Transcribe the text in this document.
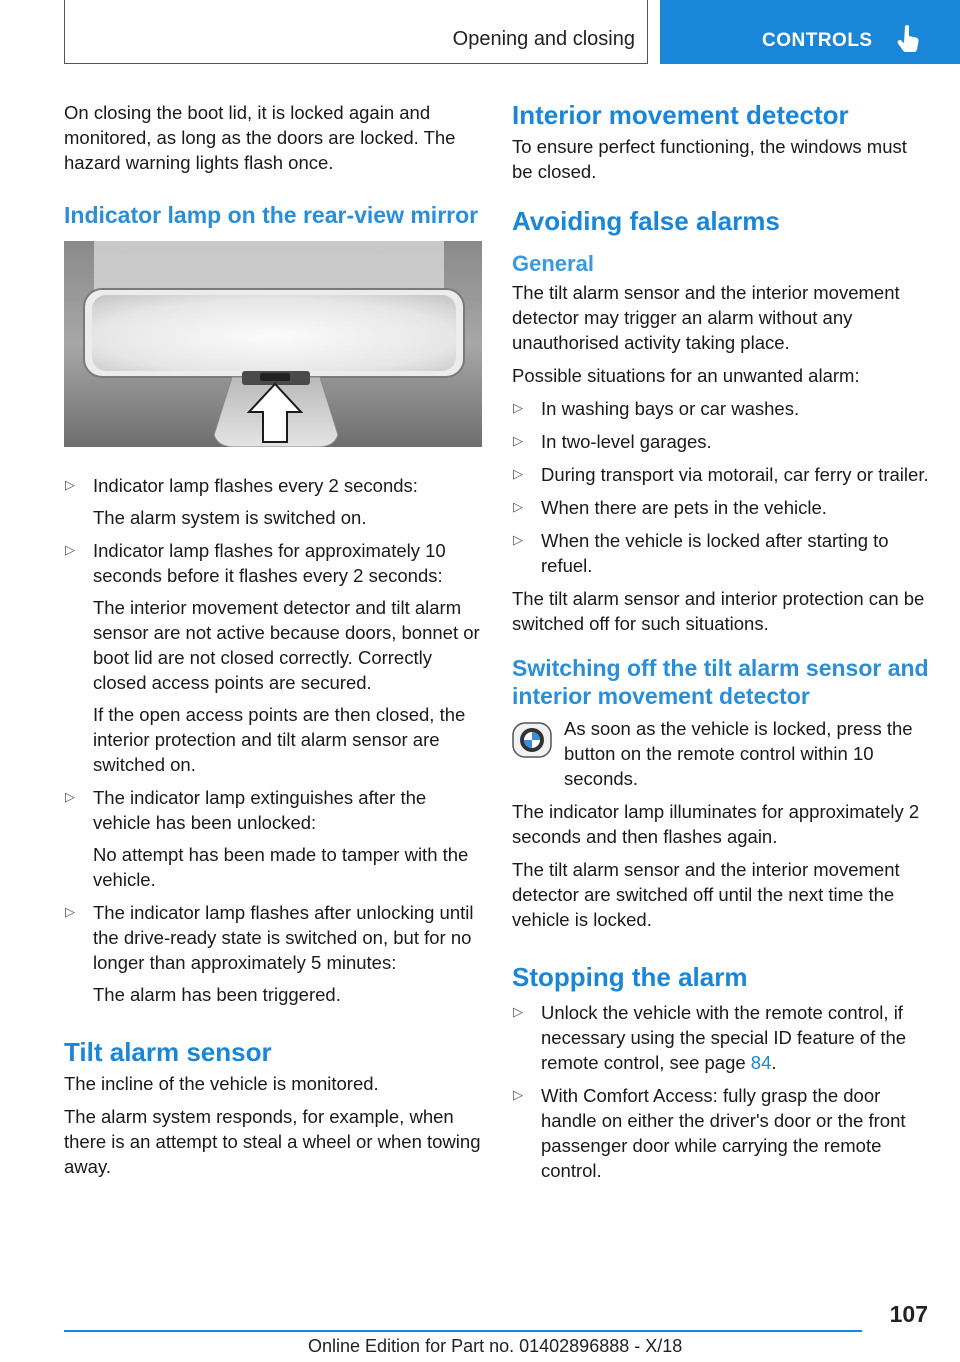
Opening and closing	CONTROLS

On closing the boot lid, it is locked again and monitored, as long as the doors are locked. The hazard warning lights flash once.

Indicator lamp on the rear-view mirror
▷ Indicator lamp flashes every 2 seconds:

The alarm system is switched on.

▷ Indicator lamp flashes for approximately 10 seconds before it flashes every 2 seconds:

The interior movement detector and tilt alarm sensor are not active because doors, bonnet or boot lid are not closed correctly. Correctly closed access points are secured.

If the open access points are then closed, the interior protection and tilt alarm sensor are switched on.

▷ The indicator lamp extinguishes after the vehicle has been unlocked:

No attempt has been made to tamper with the vehicle.

▷ The indicator lamp flashes after unlocking until the drive-ready state is switched on, but for no longer than approximately 5 minutes:

The alarm has been triggered.

Tilt alarm sensor

The incline of the vehicle is monitored.

The alarm system responds, for example, when there is an attempt to steal a wheel or when towing away.

Interior movement detector

To ensure perfect functioning, the windows must be closed.

Avoiding false alarms
General

The tilt alarm sensor and the interior movement detector may trigger an alarm without any unauthorised activity taking place.

Possible situations for an unwanted alarm:

▷ In washing bays or car washes.

▷ In two-level garages.

▷ During transport via motorail, car ferry or trailer.

▷ When there are pets in the vehicle.

▷ When the vehicle is locked after starting to refuel.

The tilt alarm sensor and interior protection can be switched off for such situations.

Switching off the tilt alarm sensor and interior movement detector

As soon as the vehicle is locked, press the button on the remote control within 10 seconds.

The indicator lamp illuminates for approximately 2 seconds and then flashes again.

The tilt alarm sensor and the interior movement detector are switched off until the next time the vehicle is locked.

Stopping the alarm
▷ Unlock the vehicle with the remote control, if necessary using the special ID feature of the remote control, see page 84.

▷ With Comfort Access: fully grasp the door handle on either the driver's door or the front passenger door while carrying the remote control.

107
Online Edition for Part no. 01402896888 - X/18
